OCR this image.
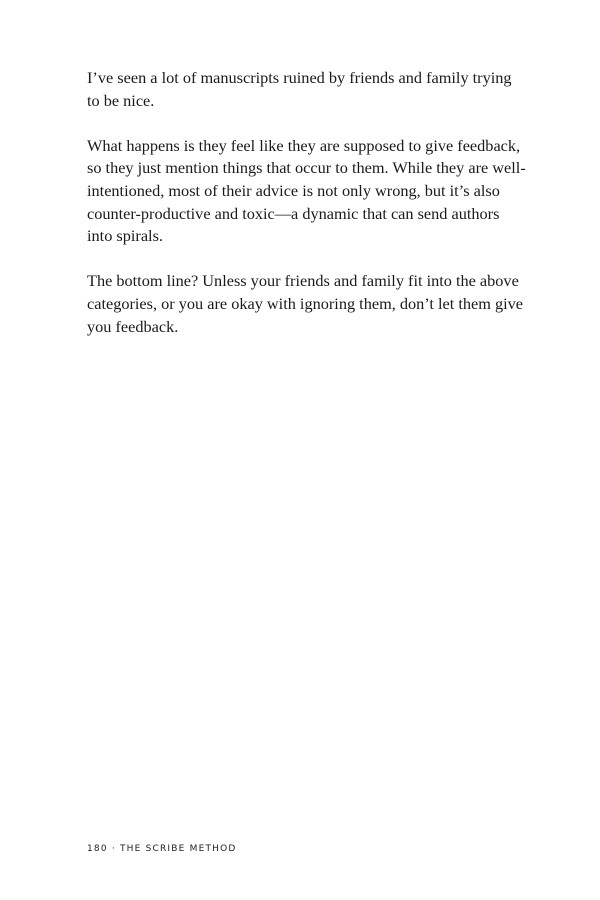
I’ve seen a lot of manuscripts ruined by friends and family trying to be nice.

What happens is they feel like they are supposed to give feedback, so they just mention things that occur to them. While they are well-intentioned, most of their advice is not only wrong, but it’s also counter-productive and toxic—a dynamic that can send authors into spirals.

The bottom line? Unless your friends and family fit into the above categories, or you are okay with ignoring them, don’t let them give you feedback.

180 · THE SCRIBE METHOD
